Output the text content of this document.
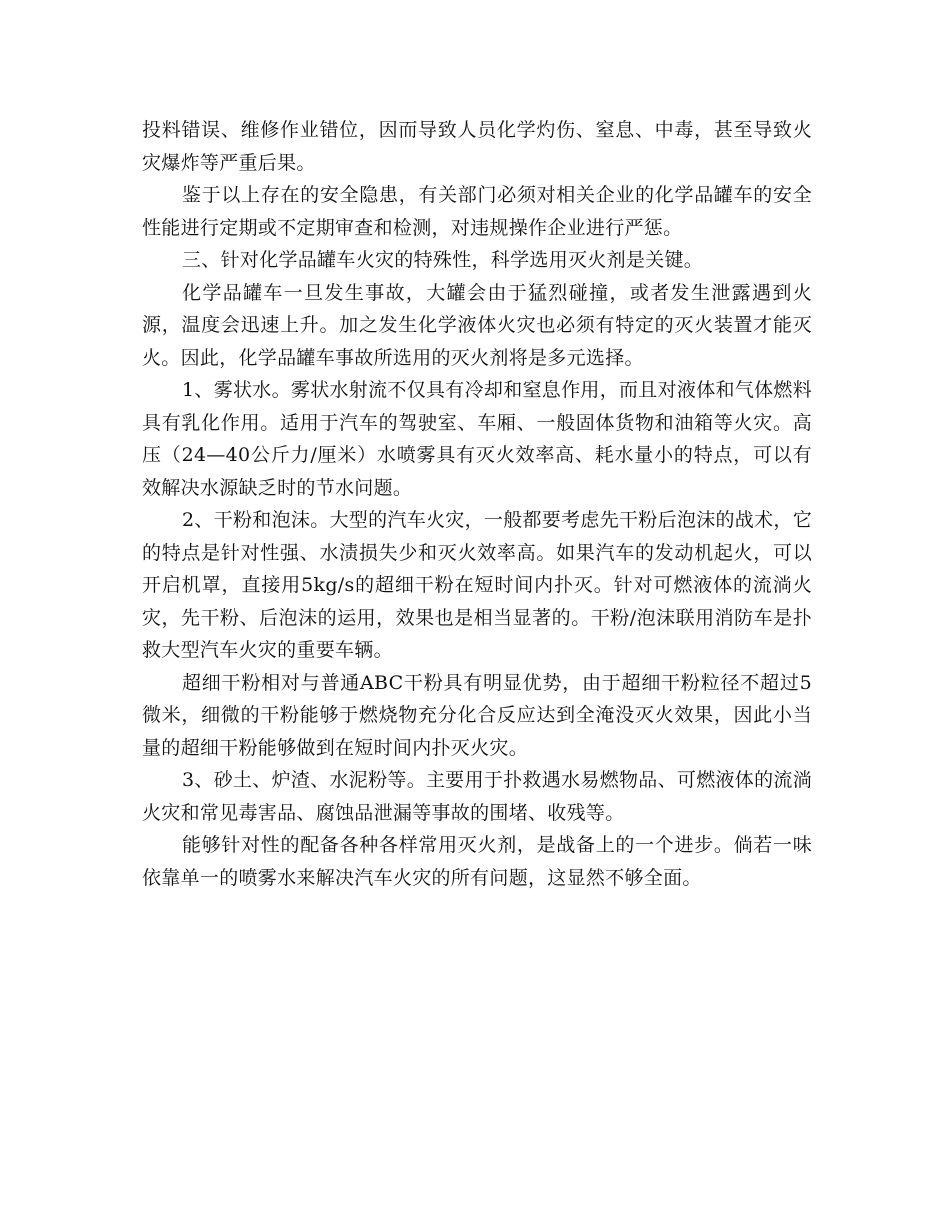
投料错误、维修作业错位，因而导致人员化学灼伤、窒息、中毒，甚至导致火灾爆炸等严重后果。

鉴于以上存在的安全隐患，有关部门必须对相关企业的化学品罐车的安全性能进行定期或不定期审查和检测，对违规操作企业进行严惩。

三、针对化学品罐车火灾的特殊性，科学选用灭火剂是关键。

化学品罐车一旦发生事故，大罐会由于猛烈碰撞，或者发生泄露遇到火源，温度会迅速上升。加之发生化学液体火灾也必须有特定的灭火装置才能灭火。因此，化学品罐车事故所选用的灭火剂将是多元选择。

1、雾状水。雾状水射流不仅具有冷却和窒息作用，而且对液体和气体燃料具有乳化作用。适用于汽车的驾驶室、车厢、一般固体货物和油箱等火灾。高压（24—40公斤力/厘米）水喷雾具有灭火效率高、耗水量小的特点，可以有效解决水源缺乏时的节水问题。

2、干粉和泡沫。大型的汽车火灾，一般都要考虑先干粉后泡沫的战术，它的特点是针对性强、水渍损失少和灭火效率高。如果汽车的发动机起火，可以开启机罩，直接用5kg/s的超细干粉在短时间内扑灭。针对可燃液体的流淌火灾，先干粉、后泡沫的运用，效果也是相当显著的。干粉/泡沫联用消防车是扑救大型汽车火灾的重要车辆。

超细干粉相对与普通ABC干粉具有明显优势，由于超细干粉粒径不超过5微米，细微的干粉能够于燃烧物充分化合反应达到全淹没灭火效果，因此小当量的超细干粉能够做到在短时间内扑灭火灾。

3、砂土、炉渣、水泥粉等。主要用于扑救遇水易燃物品、可燃液体的流淌火灾和常见毒害品、腐蚀品泄漏等事故的围堵、收残等。

能够针对性的配备各种各样常用灭火剂，是战备上的一个进步。倘若一味依靠单一的喷雾水来解决汽车火灾的所有问题，这显然不够全面。
